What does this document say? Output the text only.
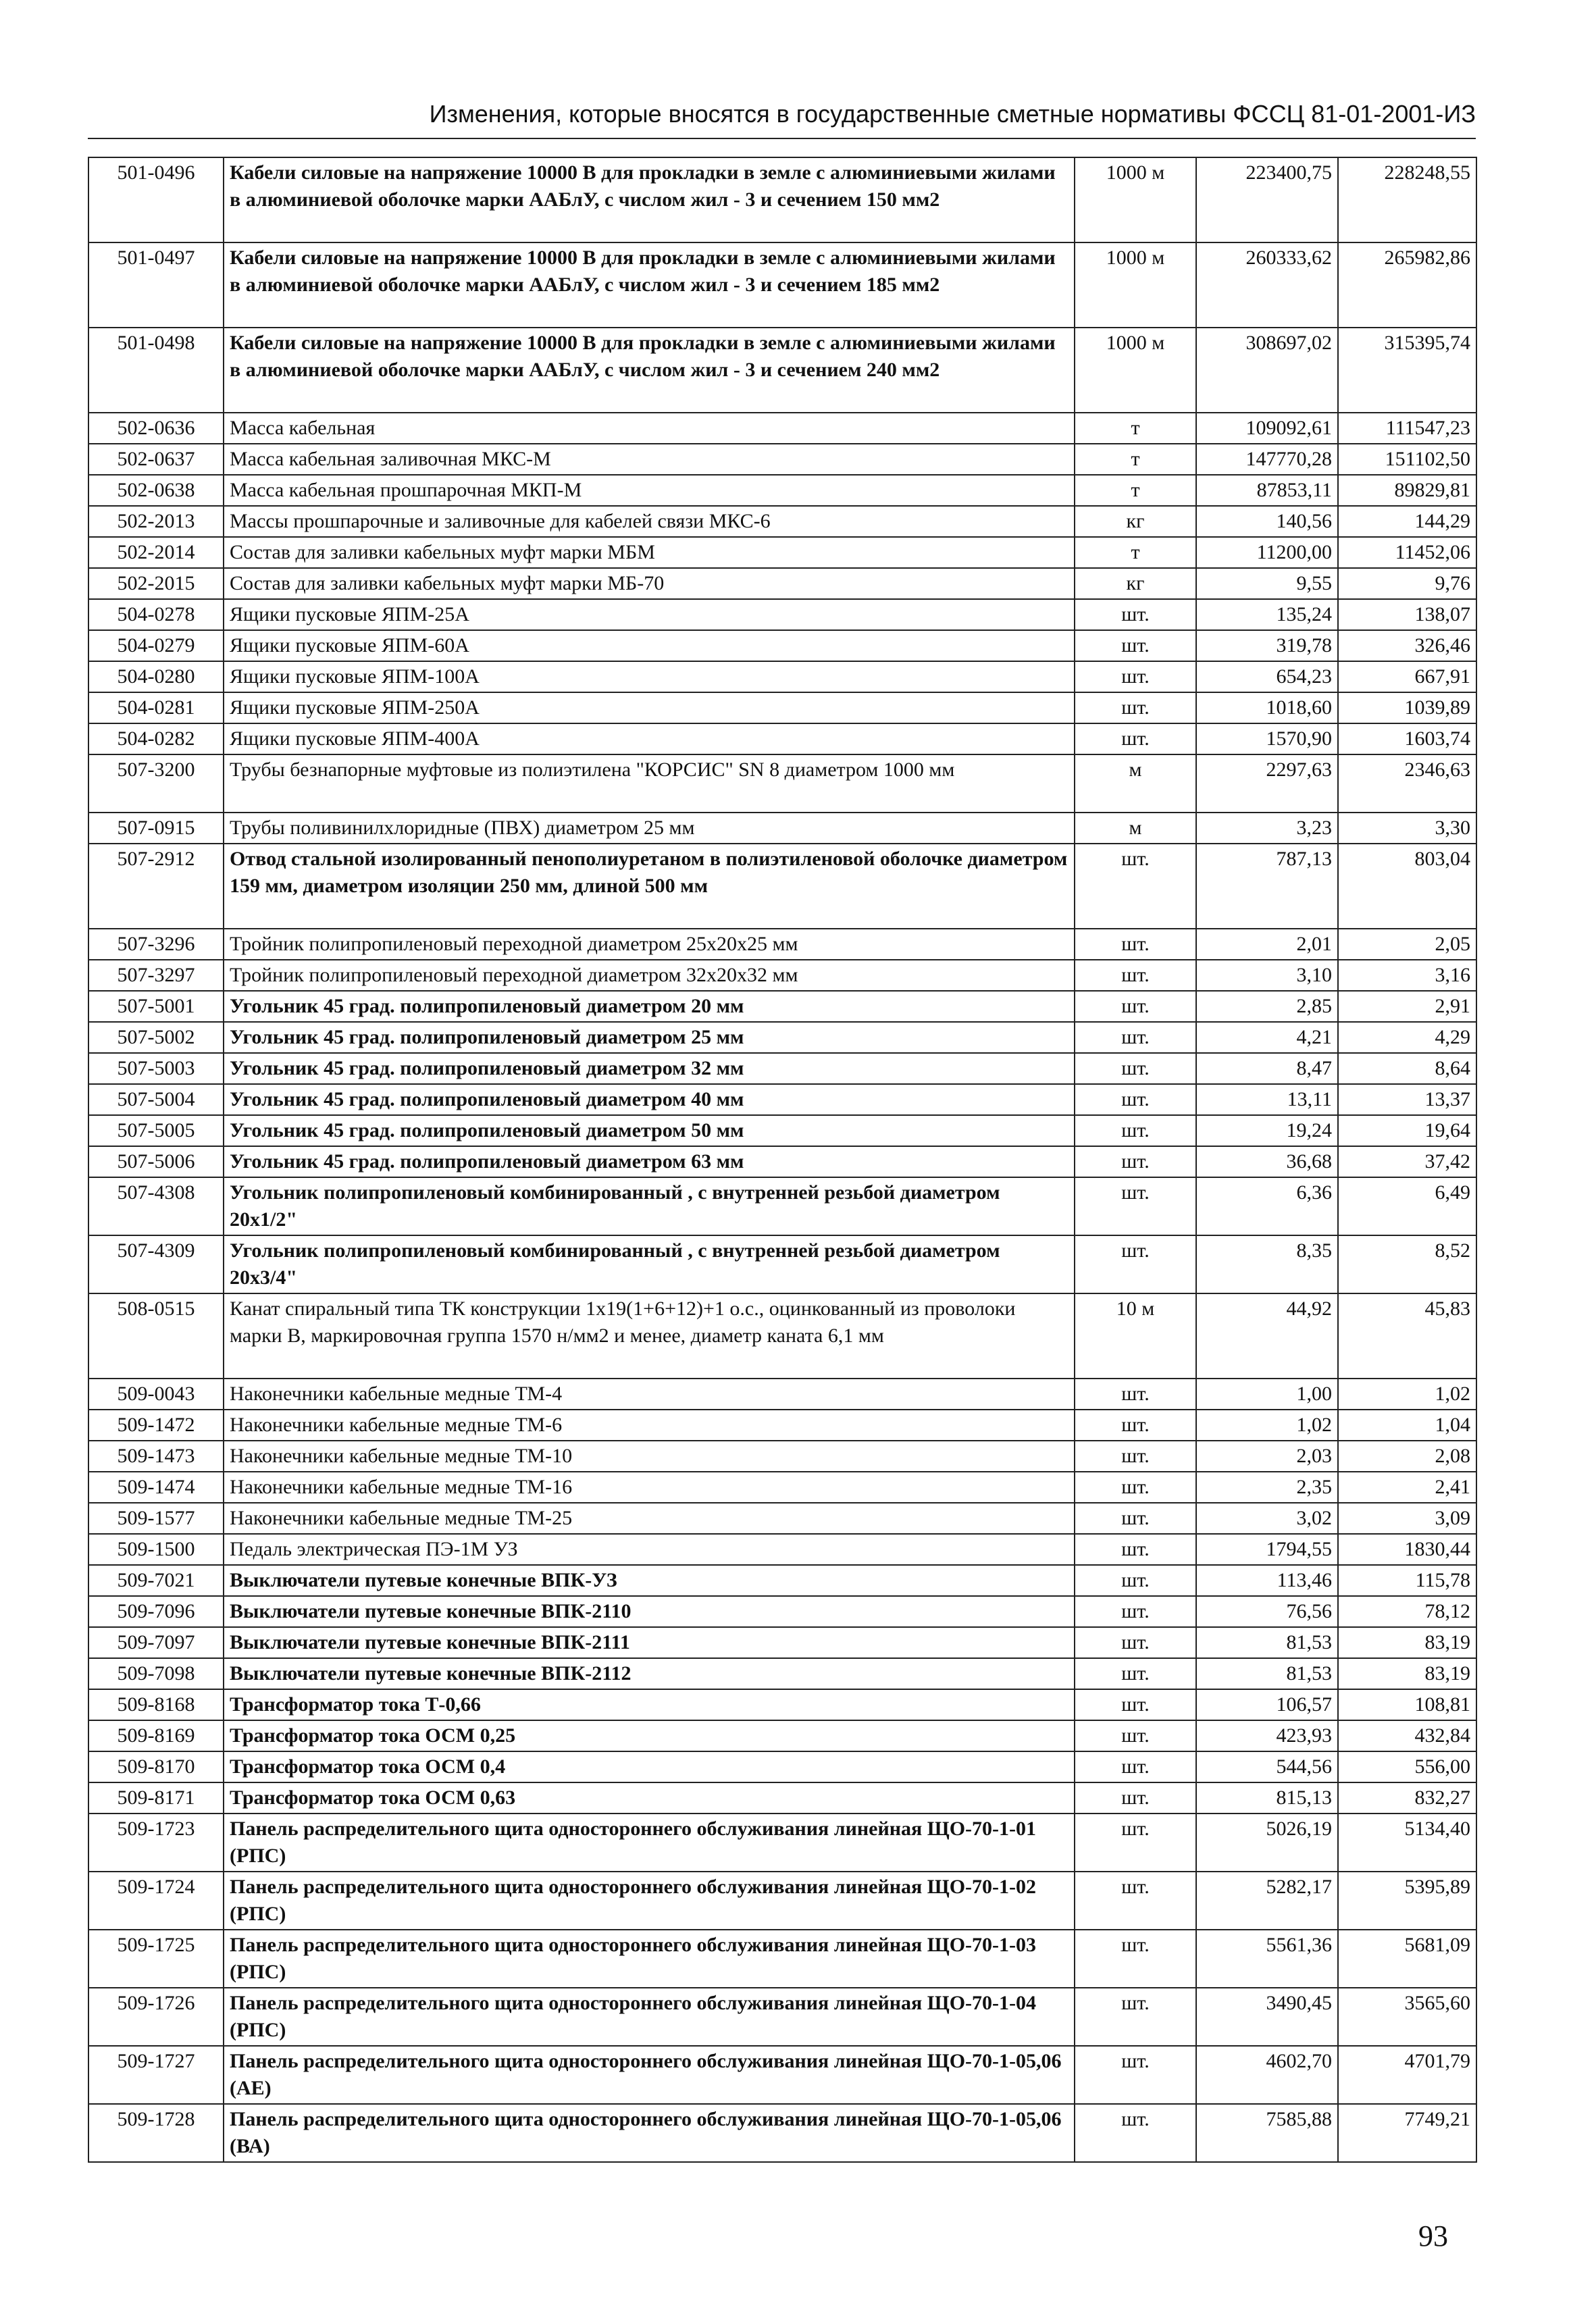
Изменения, которые вносятся в государственные сметные нормативы ФССЦ 81-01-2001-ИЗ
501-0496	Кабели силовые на напряжение 10000 В для прокладки в земле с алюминиевыми жилами в алюминиевой оболочке марки ААБлУ, с числом жил - 3 и сечением 150 мм2	1000 м	223400,75	228248,55
501-0497	Кабели силовые на напряжение 10000 В для прокладки в земле с алюминиевыми жилами в алюминиевой оболочке марки ААБлУ, с числом жил - 3 и сечением 185 мм2	1000 м	260333,62	265982,86
501-0498	Кабели силовые на напряжение 10000 В для прокладки в земле с алюминиевыми жилами в алюминиевой оболочке марки ААБлУ, с числом жил - 3 и сечением 240 мм2	1000 м	308697,02	315395,74
502-0636	Масса кабельная	т	109092,61	111547,23
502-0637	Масса кабельная заливочная МКС-М	т	147770,28	151102,50
502-0638	Масса кабельная прошпарочная МКП-М	т	87853,11	89829,81
502-2013	Массы прошпарочные и заливочные для кабелей связи МКС-6	кг	140,56	144,29
502-2014	Состав для заливки кабельных муфт марки МБМ	т	11200,00	11452,06
502-2015	Состав для заливки кабельных муфт марки МБ-70	кг	9,55	9,76
504-0278	Ящики пусковые ЯПМ-25А	шт.	135,24	138,07
504-0279	Ящики пусковые ЯПМ-60А	шт.	319,78	326,46
504-0280	Ящики пусковые ЯПМ-100А	шт.	654,23	667,91
504-0281	Ящики пусковые ЯПМ-250А	шт.	1018,60	1039,89
504-0282	Ящики пусковые ЯПМ-400А	шт.	1570,90	1603,74
507-3200	Трубы безнапорные муфтовые из полиэтилена "КОРСИС" SN 8 диаметром 1000 мм	м	2297,63	2346,63
507-0915	Трубы поливинилхлоридные (ПВХ) диаметром 25 мм	м	3,23	3,30
507-2912	Отвод стальной изолированный пенополиуретаном в полиэтиленовой оболочке диаметром 159 мм, диаметром изоляции 250 мм, длиной 500 мм	шт.	787,13	803,04
507-3296	Тройник полипропиленовый переходной диаметром 25x20x25 мм	шт.	2,01	2,05
507-3297	Тройник полипропиленовый переходной диаметром 32x20x32 мм	шт.	3,10	3,16
507-5001	Угольник 45 град. полипропиленовый диаметром 20 мм	шт.	2,85	2,91
507-5002	Угольник 45 град. полипропиленовый диаметром 25 мм	шт.	4,21	4,29
507-5003	Угольник 45 град. полипропиленовый диаметром 32 мм	шт.	8,47	8,64
507-5004	Угольник 45 град. полипропиленовый диаметром 40 мм	шт.	13,11	13,37
507-5005	Угольник 45 град. полипропиленовый диаметром 50 мм	шт.	19,24	19,64
507-5006	Угольник 45 град. полипропиленовый диаметром 63 мм	шт.	36,68	37,42
507-4308	Угольник полипропиленовый комбинированный , с внутренней резьбой диаметром 20x1/2"	шт.	6,36	6,49
507-4309	Угольник полипропиленовый комбинированный , с внутренней резьбой диаметром 20x3/4"	шт.	8,35	8,52
508-0515	Канат спиральный типа ТК конструкции 1x19(1+6+12)+1 о.с., оцинкованный из проволоки марки В, маркировочная группа 1570 н/мм2 и менее, диаметр каната 6,1 мм	10 м	44,92	45,83
509-0043	Наконечники кабельные медные ТМ-4	шт.	1,00	1,02
509-1472	Наконечники кабельные медные ТМ-6	шт.	1,02	1,04
509-1473	Наконечники кабельные медные ТМ-10	шт.	2,03	2,08
509-1474	Наконечники кабельные медные ТМ-16	шт.	2,35	2,41
509-1577	Наконечники кабельные медные ТМ-25	шт.	3,02	3,09
509-1500	Педаль электрическая ПЭ-1М УЗ	шт.	1794,55	1830,44
509-7021	Выключатели путевые конечные ВПК-УЗ	шт.	113,46	115,78
509-7096	Выключатели путевые конечные ВПК-2110	шт.	76,56	78,12
509-7097	Выключатели путевые конечные ВПК-2111	шт.	81,53	83,19
509-7098	Выключатели путевые конечные ВПК-2112	шт.	81,53	83,19
509-8168	Трансформатор тока Т-0,66	шт.	106,57	108,81
509-8169	Трансформатор тока ОСМ 0,25	шт.	423,93	432,84
509-8170	Трансформатор тока ОСМ 0,4	шт.	544,56	556,00
509-8171	Трансформатор тока ОСМ 0,63	шт.	815,13	832,27
509-1723	Панель распределительного щита одностороннего обслуживания линейная ЩО-70-1-01 (РПС)	шт.	5026,19	5134,40
509-1724	Панель распределительного щита одностороннего обслуживания линейная ЩО-70-1-02 (РПС)	шт.	5282,17	5395,89
509-1725	Панель распределительного щита одностороннего обслуживания линейная ЩО-70-1-03 (РПС)	шт.	5561,36	5681,09
509-1726	Панель распределительного щита одностороннего обслуживания линейная ЩО-70-1-04 (РПС)	шт.	3490,45	3565,60
509-1727	Панель распределительного щита одностороннего обслуживания линейная ЩО-70-1-05,06 (АЕ)	шт.	4602,70	4701,79
509-1728	Панель распределительного щита одностороннего обслуживания линейная ЩО-70-1-05,06 (ВА)	шт.	7585,88	7749,21
93
